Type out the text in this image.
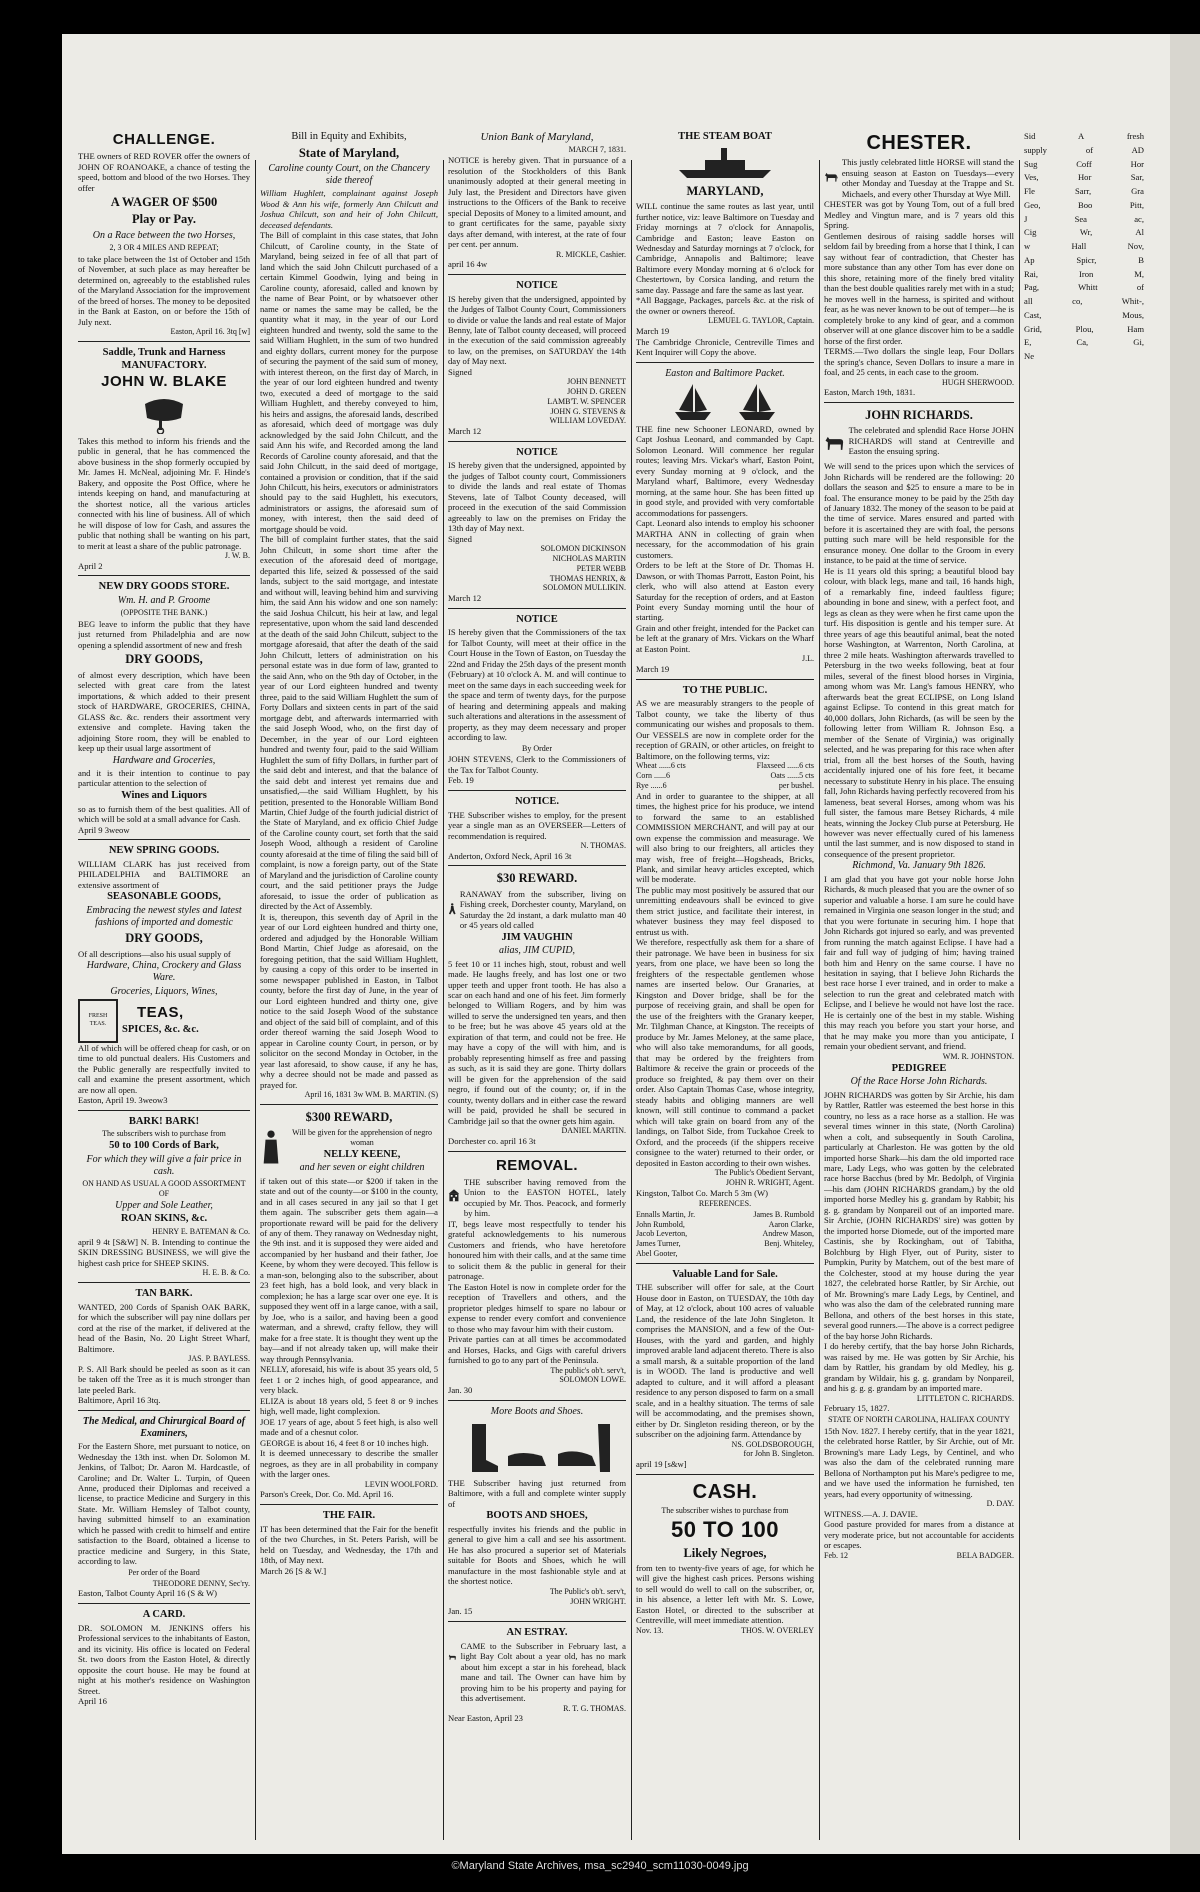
CHALLENGE.

THE owners of RED ROVER offer the owners of JOHN OF ROANOAKE, a chance of testing the speed, bottom and blood of the two Horses. They offer

A WAGER OF $500
Play or Pay.
On a Race between the two Horses,
2, 3 OR 4 MILES AND REPEAT;

to take place between the 1st of October and 15th of November, at such place as may hereafter be determined on, agreeably to the established rules of the Maryland Association for the improvement of the breed of horses. The money to be deposited in the Bank at Easton, on or before the 15th of July next.

Easton, April 16. 3tq [w]
Saddle, Trunk and Harness MANUFACTORY.
JOHN W. BLAKE

Takes this method to inform his friends and the public in general, that he has commenced the above business in the shop formerly occupied by Mr. James H. McNeal, adjoining Mr. F. Hinde's Bakery, and opposite the Post Office, where he intends keeping on hand, and manufacturing at the shortest notice, all the various articles connected with his line of business. All of which he will dispose of low for Cash, and assures the public that nothing shall be wanting on his part, to merit at least a share of the public patronage.

J. W. B.
April 2
NEW DRY GOODS STORE.
Wm. H. and P. Groome
(OPPOSITE THE BANK.)

BEG leave to inform the public that they have just returned from Philadelphia and are now opening a splendid assortment of new and fresh

DRY GOODS,

of almost every description, which have been selected with great care from the latest importations, & which added to their present stock of HARDWARE, GROCERIES, CHINA, GLASS &c. &c. renders their assortment very extensive and complete. Having taken the adjoining Store room, they will be enabled to keep up their usual large assortment of

Hardware and Groceries,

and it is their intention to continue to pay particular attention to the selection of

Wines and Liquors

so as to furnish them of the best qualities. All of which will be sold at a small advance for Cash.

April 9 3weow
NEW SPRING GOODS.

WILLIAM CLARK has just received from PHILADELPHIA and BALTIMORE an extensive assortment of

SEASONABLE GOODS,
Embracing the newest styles and latest fashions of imported and domestic
DRY GOODS,

Of all descriptions—also his usual supply of

Hardware, China, Crockery and Glass Ware.
Groceries, Liquors, Wines,
FRESH TEAS.
TEAS,
SPICES, &c. &c.

All of which will be offered cheap for cash, or on time to old punctual dealers. His Customers and the Public generally are respectfully invited to call and examine the present assortment, which are now all open.

Easton, April 19. 3weow3
BARK! BARK!
The subscribers wish to purchase from
50 to 100 Cords of Bark,
For which they will give a fair price in cash.
ON HAND AS USUAL A GOOD ASSORTMENT OF
Upper and Sole Leather,
ROAN SKINS, &c.
HENRY E. BATEMAN & Co.

april 9 4t [S&W] N. B. Intending to continue the SKIN DRESSING BUSINESS, we will give the highest cash price for SHEEP SKINS.

H. E. B. & Co.
TAN BARK.

WANTED, 200 Cords of Spanish OAK BARK, for which the subscriber will pay nine dollars per cord at the rise of the market, if delivered at the head of the Basin, No. 20 Light Street Wharf, Baltimore.

JAS. P. BAYLESS.

P. S. All Bark should be peeled as soon as it can be taken off the Tree as it is much stronger than late peeled Bark.

Baltimore, April 16 3tq.
The Medical, and Chirurgical Board of Examiners,

For the Eastern Shore, met pursuant to notice, on Wednesday the 13th inst. when Dr. Solomon M. Jenkins, of Talbot; Dr. Aaron M. Hardcastle, of Caroline; and Dr. Walter L. Turpin, of Queen Anne, produced their Diplomas and received a license, to practice Medicine and Surgery in this State. Mr. William Hemsley of Talbot county, having submitted himself to an examination which he passed with credit to himself and entire satisfaction to the Board, obtained a license to practice medicine and Surgery, in this State, according to law.

Per order of the Board
THEODORE DENNY, Sec'ry.
Easton, Talbot County April 16 (S & W)
A CARD.

DR. SOLOMON M. JENKINS offers his Professional services to the inhabitants of Easton, and its vicinity. His office is located on Federal St. two doors from the Easton Hotel, & directly opposite the court house. He may be found at night at his mother's residence on Washington Street.

April 16
Bill in Equity and Exhibits,
State of Maryland,
Caroline county Court, on the Chancery side thereof

William Hughlett, complainant against Joseph Wood & Ann his wife, formerly Ann Chilcutt and Joshua Chilcutt, son and heir of John Chilcutt, deceased defendants.

The Bill of complaint in this case states, that John Chilcutt, of Caroline county, in the State of Maryland, being seized in fee of all that part of land which the said John Chilcutt purchased of a certain Kimmel Goodwin, lying and being in Caroline county, aforesaid, called and known by the name of Bear Point, or by whatsoever other name or names the same may be called, be the quantity what it may, in the year of our Lord eighteen hundred and twenty, sold the same to the said William Hughlett, in the sum of two hundred and eighty dollars, current money for the purpose of securing the payment of the said sum of money, with interest thereon, on the first day of March, in the year of our lord eighteen hundred and twenty two, executed a deed of mortgage to the said William Hughlett, and thereby conveyed to him, his heirs and assigns, the aforesaid lands, described as aforesaid, which deed of mortgage was duly acknowledged by the said John Chilcutt, and the said Ann his wife, and Recorded among the land Records of Caroline county aforesaid, and that the said John Chilcutt, in the said deed of mortgage, contained a provision or condition, that if the said John Chilcutt, his heirs, executors or administrators should pay to the said Hughlett, his executors, administrators or assigns, the aforesaid sum of money, with interest, then the said deed of mortgage should be void.

The bill of complaint further states, that the said John Chilcutt, in some short time after the execution of the aforesaid deed of mortgage, departed this life, seized & possessed of the said lands, subject to the said mortgage, and intestate and without will, leaving behind him and surviving him, the said Ann his widow and one son namely: the said Joshua Chilcutt, his heir at law, and legal representative, upon whom the said land descended at the death of the said John Chilcutt, subject to the mortgage aforesaid, that after the death of the said John Chilcutt, letters of administration on his personal estate was in due form of law, granted to the said Ann, who on the 9th day of October, in the year of our Lord eighteen hundred and twenty three, paid to the said William Hughlett the sum of Forty Dollars and sixteen cents in part of the said mortgage debt, and afterwards intermarried with the said Joseph Wood, who, on the first day of December, in the year of our Lord eighteen hundred and twenty four, paid to the said William Hughlett the sum of fifty Dollars, in further part of the said debt and interest, and that the balance of the said debt and interest yet remains due and unsatisfied,—the said William Hughlett, by his petition, presented to the Honorable William Bond Martin, Chief Judge of the fourth judicial district of the State of Maryland, and ex officio Chief Judge of the Caroline county court, set forth that the said Joseph Wood, although a resident of Caroline county aforesaid at the time of filing the said bill of complaint, is now a foreign party, out of the State of Maryland and the jurisdiction of Caroline county court, and the said petitioner prays the Judge aforesaid, to issue the order of publication as directed by the Act of Assembly.

It is, thereupon, this seventh day of April in the year of our Lord eighteen hundred and thirty one, ordered and adjudged by the Honorable William Bond Martin, Chief Judge as aforesaid, on the foregoing petition, that the said William Hughlett, by causing a copy of this order to be inserted in some newspaper published in Easton, in Talbot county, before the first day of June, in the year of our Lord eighteen hundred and thirty one, give notice to the said Joseph Wood of the substance and object of the said bill of complaint, and of this order thereof warning the said Joseph Wood to appear in Caroline county Court, in person, or by solicitor on the second Monday in October, in the year last aforesaid, to show cause, if any he has, why a decree should not be made and passed as prayed for.

April 16, 1831 3w WM. B. MARTIN. (S)
$300 REWARD,
Will be given for the apprehension of negro woman
NELLY KEENE,
and her seven or eight children

if taken out of this state—or $200 if taken in the state and out of the county—or $100 in the county, and in all cases secured in any jail so that I get them again. The subscriber gets them again—a proportionate reward will be paid for the delivery of any of them. They ranaway on Wednesday night, the 9th inst. and it is supposed they were aided and accompanied by her husband and their father, Joe Keene, by whom they were decoyed. This fellow is a man-son, belonging also to the subscriber, about 23 feet high, has a bold look, and very black in complexion; he has a large scar over one eye. It is supposed they went off in a large canoe, with a sail, by Joe, who is a sailor, and having been a good waterman, and a shrewd, crafty fellow, they will make for a free state. It is thought they went up the bay—and if not already taken up, will make their way through Pennsylvania.

NELLY, aforesaid, his wife is about 35 years old, 5 feet 1 or 2 inches high, of good appearance, and very black.

ELIZA is about 18 years old, 5 feet 8 or 9 inches high, well made, light complexion.

JOE 17 years of age, about 5 feet high, is also well made and of a chesnut color.

GEORGE is about 16, 4 feet 8 or 10 inches high.

It is deemed unnecessary to describe the smaller negroes, as they are in all probability in company with the larger ones.

LEVIN WOOLFORD.
Parson's Creek, Dor. Co. Md. April 16.
THE FAIR.

IT has been determined that the Fair for the benefit of the two Churches, in St. Peters Parish, will be held on Tuesday, and Wednesday, the 17th and 18th, of May next.

March 26 [S & W.]
Union Bank of Maryland,
MARCH 7, 1831.

NOTICE is hereby given. That in pursuance of a resolution of the Stockholders of this Bank unanimously adopted at their general meeting in July last, the President and Directors have given instructions to the Officers of the Bank to receive special Deposits of Money to a limited amount, and to grant certificates for the same, payable sixty days after demand, with interest, at the rate of four per cent. per annum.

R. MICKLE, Cashier.
april 16 4w
NOTICE

IS hereby given that the undersigned, appointed by the Judges of Talbot County Court, Commissioners to divide or value the lands and real estate of Major Benny, late of Talbot county deceased, will proceed in the execution of the said commission agreeably to law, on the premises, on SATURDAY the 14th day of May next.

Signed
JOHN BENNETT
JOHN D. GREEN
LAMB'T. W. SPENCER
JOHN G. STEVENS &
WILLIAM LOVEDAY.
March 12
NOTICE

IS hereby given that the undersigned, appointed by the judges of Talbot county court, Commissioners to divide the lands and real estate of Thomas Stevens, late of Talbot County deceased, will proceed in the execution of the said Commission agreeably to law on the premises on Friday the 13th day of May next.

Signed
SOLOMON DICKINSON
NICHOLAS MARTIN
PETER WEBB
THOMAS HENRIX, &
SOLOMON MULLIKIN.
March 12
NOTICE

IS hereby given that the Commissioners of the tax for Talbot County, will meet at their office in the Court House in the Town of Easton, on Tuesday the 22nd and Friday the 25th days of the present month (February) at 10 o'clock A. M. and will continue to meet on the same days in each succeeding week for the space and term of twenty days, for the purpose of hearing and determining appeals and making such alterations and alterations in the assessment of property, as they may deem necessary and proper according to law.

By Order

JOHN STEVENS, Clerk to the Commissioners of the Tax for Talbot County.

Feb. 19
NOTICE.

THE Subscriber wishes to employ, for the present year a single man as an OVERSEER—Letters of recommendation is required.

N. THOMAS.
Anderton, Oxford Neck, April 16 3t
$30 REWARD.

RANAWAY from the subscriber, living on Fishing creek, Dorchester county, Maryland, on Saturday the 2d instant, a dark mulatto man 40 or 45 years old called

JIM VAUGHIN
alias, JIM CUPID,

5 feet 10 or 11 inches high, stout, robust and well made. He laughs freely, and has lost one or two upper teeth and upper front tooth. He has also a scar on each hand and one of his feet. Jim formerly belonged to William Rogers, and by him was willed to serve the undersigned ten years, and then to be free; but he was above 45 years old at the expiration of that term, and could not be free. He may have a copy of the will with him, and is probably representing himself as free and passing as such, as it is said they are gone. Thirty dollars will be given for the apprehension of the said negro, if found out of the county; or, if in the county, twenty dollars and in either case the reward will be paid, provided he shall be secured in Cambridge jail so that the owner gets him again.

DANIEL MARTIN.
Dorchester co. april 16 3t
REMOVAL.

THE subscriber having removed from the Union to the EASTON HOTEL, lately occupied by Mr. Thos. Peacock, and formerly by him.

IT, begs leave most respectfully to tender his grateful acknowledgements to his numerous Customers and friends, who have heretofore honoured him with their calls, and at the same time to solicit them & the public in general for their patronage.

The Easton Hotel is now in complete order for the reception of Travellers and others, and the proprietor pledges himself to spare no labour or expense to render every comfort and convenience to those who may favour him with their custom.

Private parties can at all times be accommodated and Horses, Hacks, and Gigs with careful drivers furnished to go to any part of the Peninsula.

The public's ob't. serv't,
SOLOMON LOWE.
Jan. 30
More Boots and Shoes.

THE Subscriber having just returned from Baltimore, with a full and complete winter supply of

BOOTS AND SHOES,

respectfully invites his friends and the public in general to give him a call and see his assortment. He has also procured a superior set of Materials suitable for Boots and Shoes, which he will manufacture in the most fashionable style and at the shortest notice.

The Public's ob't. serv't,
JOHN WRIGHT.
Jan. 15
AN ESTRAY.

CAME to the Subscriber in February last, a light Bay Colt about a year old, has no mark about him except a star in his forehead, black mane and tail. The Owner can have him by proving him to be his property and paying for this advertisement.

R. T. G. THOMAS.
Near Easton, April 23
THE STEAM BOAT
MARYLAND,

WILL continue the same routes as last year, until further notice, viz: leave Baltimore on Tuesday and Friday mornings at 7 o'clock for Annapolis, Cambridge and Easton; leave Easton on Wednesday and Saturday mornings at 7 o'clock, for Cambridge, Annapolis and Baltimore; leave Baltimore every Monday morning at 6 o'clock for Chestertown, by Corsica landing, and return the same day. Passage and fare the same as last year.

*All Baggage, Packages, parcels &c. at the risk of the owner or owners thereof.

LEMUEL G. TAYLOR, Captain.
March 19

The Cambridge Chronicle, Centreville Times and Kent Inquirer will Copy the above.

Easton and Baltimore Packet.

THE fine new Schooner LEONARD, owned by Capt Joshua Leonard, and commanded by Capt. Solomon Leonard. Will commence her regular routes; leaving Mrs. Vickar's wharf, Easton Point, every Sunday morning at 9 o'clock, and the Maryland wharf, Baltimore, every Wednesday morning, at the same hour. She has been fitted up in good style, and provided with very comfortable accommodations for passengers.

Capt. Leonard also intends to employ his schooner MARTHA ANN in collecting of grain when necessary, for the accommodation of his grain customers.

Orders to be left at the Store of Dr. Thomas H. Dawson, or with Thomas Parrott, Easton Point, his clerk, who will also attend at Easton every Saturday for the reception of orders, and at Easton Point every Sunday morning until the hour of starting.

Grain and other freight, intended for the Packet can be left at the granary of Mrs. Vickars on the Wharf at Easton Point.

J.L.
March 19
TO THE PUBLIC.

AS we are measurably strangers to the people of Talbot county, we take the liberty of thus communicating our wishes and proposals to them. Our VESSELS are now in complete order for the reception of GRAIN, or other articles, on freight to Baltimore, on the following terms, viz:

Wheat ......6 cts	Flaxseed ......6 cts
Corn ......6	Oats ......5 cts
Rye ......6	per bushel.

And in order to guarantee to the shipper, at all times, the highest price for his produce, we intend to forward the same to an established COMMISSION MERCHANT, and will pay at our own expense the commission and measurage. We will also bring to our freighters, all articles they may wish, free of freight—Hogsheads, Bricks, Plank, and similar heavy articles excepted, which will be moderate.

The public may most positively be assured that our unremitting endeavours shall be evinced to give them strict justice, and facilitate their interest, in whatever business they may feel disposed to entrust us with.

We therefore, respectfully ask them for a share of their patronage. We have been in business for six years, from one place, we have been so long the freighters of the respectable gentlemen whose names are inserted below. Our Granaries, at Kingston and Dover bridge, shall be for the purpose of receiving grain, and shall be open for the use of the freighters with the Granary keeper, Mr. Tilghman Chance, at Kingston. The receipts of produce by Mr. James Meloney, at the same place, who will also take memorandums, for all goods, that may be ordered by the freighters from Baltimore & receive the grain or proceeds of the produce so freighted, & pay them over on their order. Also Captain Thomas Case, whose integrity, steady habits and obliging manners are well known, will still continue to command a packet which will take grain on board from any of the landings, on Talbot Side, from Tuckahoe Creek to Oxford, and the proceeds (if the shippers receive consignee to the water) returned to their order, or deposited in Easton according to their own wishes.

The Public's Obedient Servant,
JOHN R. WRIGHT, Agent.
Kingston, Talbot Co. March 5 3m (W)
REFERENCES.
Ennalls Martin, Jr.	James B. Rumbold
John Rumbold,	Aaron Clarke,
Jacob Leverton,	Andrew Mason,
James Turner,	Benj. Whiteley,
Abel Gooter,
Valuable Land for Sale.

THE subscriber will offer for sale, at the Court House door in Easton, on TUESDAY, the 10th day of May, at 12 o'clock, about 100 acres of valuable Land, the residence of the late John Singleton. It comprises the MANSION, and a few of the Out-Houses, with the yard and garden, and highly improved arable land adjacent thereto. There is also a small marsh, & a suitable proportion of the land is in WOOD. The land is productive and well adapted to culture, and it will afford a pleasant residence to any person disposed to farm on a small scale, and in a healthy situation. The terms of sale will be accommodating, and the premises shown, either by Dr. Singleton residing thereon, or by the subscriber on the adjoining farm. Attendance by

NS. GOLDSBOROUGH,
for John B. Singleton.
april 19 [s&w]
CASH.
The subscriber wishes to purchase from
50 TO 100
Likely Negroes,

from ten to twenty-five years of age, for which he will give the highest cash prices. Persons wishing to sell would do well to call on the subscriber, or, in his absence, a letter left with Mr. S. Lowe, Easton Hotel, or directed to the subscriber at Centreville, will meet immediate attention.

Nov. 13.	THOS. W. OVERLEY
CHESTER.

This justly celebrated little HORSE will stand the ensuing season at Easton on Tuesdays—every other Monday and Tuesday at the Trappe and St. Michaels, and every other Thursday at Wye Mill.

CHESTER was got by Young Tom, out of a full bred Medley and Vingtun mare, and is 7 years old this Spring.

Gentlemen desirous of raising saddle horses will seldom fail by breeding from a horse that I think, I can say without fear of contradiction, that Chester has more substance than any other Tom has ever done on this shore, retaining more of the finely bred vitality than the best double qualities rarely met with in a stud; he moves well in the harness, is spirited and without fear, as he was never known to be out of temper—he is completely broke to any kind of gear, and a common observer will at one glance discover him to be a saddle horse of the first order.

TERMS.—Two dollars the single leap, Four Dollars the spring's chance, Seven Dollars to insure a mare in foal, and 25 cents, in each case to the groom.

HUGH SHERWOOD.
Easton, March 19th, 1831.
JOHN RICHARDS.

The celebrated and splendid Race Horse JOHN RICHARDS will stand at Centreville and Easton the ensuing spring.

We will send to the prices upon which the services of John Richards will be rendered are the following: 20 dollars the season and $25 to ensure a mare to be in foal. The ensurance money to be paid by the 25th day of January 1832. The money of the season to be paid at the time of service. Mares ensured and parted with before it is ascertained they are with foal, the persons putting such mare will be held responsible for the ensurance money. One dollar to the Groom in every instance, to be paid at the time of service.

He is 11 years old this spring; a beautiful blood bay colour, with black legs, mane and tail, 16 hands high, of a remarkably fine, indeed faultless figure; abounding in bone and sinew, with a perfect foot, and legs as clean as they were when he first came upon the turf. His disposition is gentle and his temper sure. At three years of age this beautiful animal, beat the noted horse Washington, at Warrenton, North Carolina, at three 2 mile heats. Washington afterwards travelled to Petersburg in the two weeks following, beat at four miles, several of the finest blood horses in Virginia, among whom was Mr. Lang's famous HENRY, who afterwards beat the great ECLIPSE, on Long Island against Eclipse. To contend in this great match for 40,000 dollars, John Richards, (as will be seen by the following letter from William R. Johnson Esq. a member of the Senate of Virginia,) was originally selected, and he was preparing for this race when after trial, from all the best horses of the South, having accidentally injured one of his fore feet, it became necessary to substitute Henry in his place. The ensuing fall, John Richards having perfectly recovered from his lameness, beat several Horses, among whom was his full sister, the famous mare Betsey Richards, 4 mile heats, winning the Jockey Club purse at Petersburg. He however was never effectually cured of his lameness until the last summer, and is now disposed to stand in consequence of the present proprietor.

Richmond, Va. January 9th 1826.

I am glad that you have got your noble horse John Richards, & much pleased that you are the owner of so superior and valuable a horse. I am sure he could have remained in Virginia one season longer in the stud; and that you were fortunate in securing him. I hope that John Richards got injured so early, and was prevented from running the match against Eclipse. I have had a fair and full way of judging of him; having trained both him and Henry on the same course. I have no hesitation in saying, that I believe John Richards the best race horse I ever trained, and in order to make a selection to run the great and celebrated match with Eclipse, and I believe he would not have lost the race. He is certainly one of the best in my stable. Wishing this may reach you before you start your horse, and that he may make you more than you anticipate, I remain your obedient servant, and friend.

WM. R. JOHNSTON.
PEDIGREE
Of the Race Horse John Richards.

JOHN RICHARDS was gotten by Sir Archie, his dam by Rattler, Rattler was esteemed the best horse in this country, no less as a race horse as a stallion. He was several times winner in this state, (North Carolina) when a colt, and subsequently in South Carolina, particularly at Charleston. He was gotten by the old imported horse Shark—his dam the old imported race mare, Lady Legs, who was gotten by the celebrated race horse Bacchus (bred by Mr. Bedolph, of Virginia—his dam (JOHN RICHARDS grandam,) by the old imported horse Medley his g. grandam by Rabbit; his g. g. grandam by Nonpareil out of an imported mare. Sir Archie, (JOHN RICHARDS' sire) was gotten by the imported horse Diomede, out of the imported mare Castinis, she by Rockingham, out of Tabitha, Bolchburg by High Flyer, out of Purity, sister to Pumpkin, Purity by Matchem, out of the best mare of the Colchester, stood at my house during the year 1827, the celebrated horse Rattler, by Sir Archie, out of Mr. Browning's mare Lady Legs, by Centinel, and who was also the dam of the celebrated running mare Bellona, and others of the best horses in this state, several good runners.—The above is a correct pedigree of the bay horse John Richards.

I do hereby certify, that the bay horse John Richards, was raised by me. He was gotten by Sir Archie, his dam by Rattler, his grandam by old Medley, his g. grandam by Wildair, his g. g. grandam by Nonpareil, and his g. g. g. grandam by an imported mare.

LITTLETON C. RICHARDS.
February 15, 1827.
STATE OF NORTH CAROLINA, HALIFAX COUNTY

15th Nov. 1827. I hereby certify, that in the year 1821, the celebrated horse Rattler, by Sir Archie, out of Mr. Browning's mare Lady Legs, by Centinel, and who was also the dam of the celebrated running mare Bellona of Northampton put his Mare's pedigree to me, and we have used the information he furnished, ten years, had every opportunity of witnessing.

D. DAY.
WITNESS.—A. J. DAVIE.

Good pasture provided for mares from a distance at very moderate price, but not accountable for accidents or escapes.

Feb. 12	BELA BADGER.

Sid A fresh supply of AD Sug Coff Hor Ves, Hor Sar, Fle Sarr, Gra Geo, Boo Pitt, J Sea ac, Cig Wr, Al w Hall Nov, Ap Spicr, B Rai, Iron M, Pag, Whitt of all co, Whit-, Cast, Mous, Grid, Plou, Ham E, Ca, Gi, Ne

©Maryland State Archives, msa_sc2940_scm11030-0049.jpg
